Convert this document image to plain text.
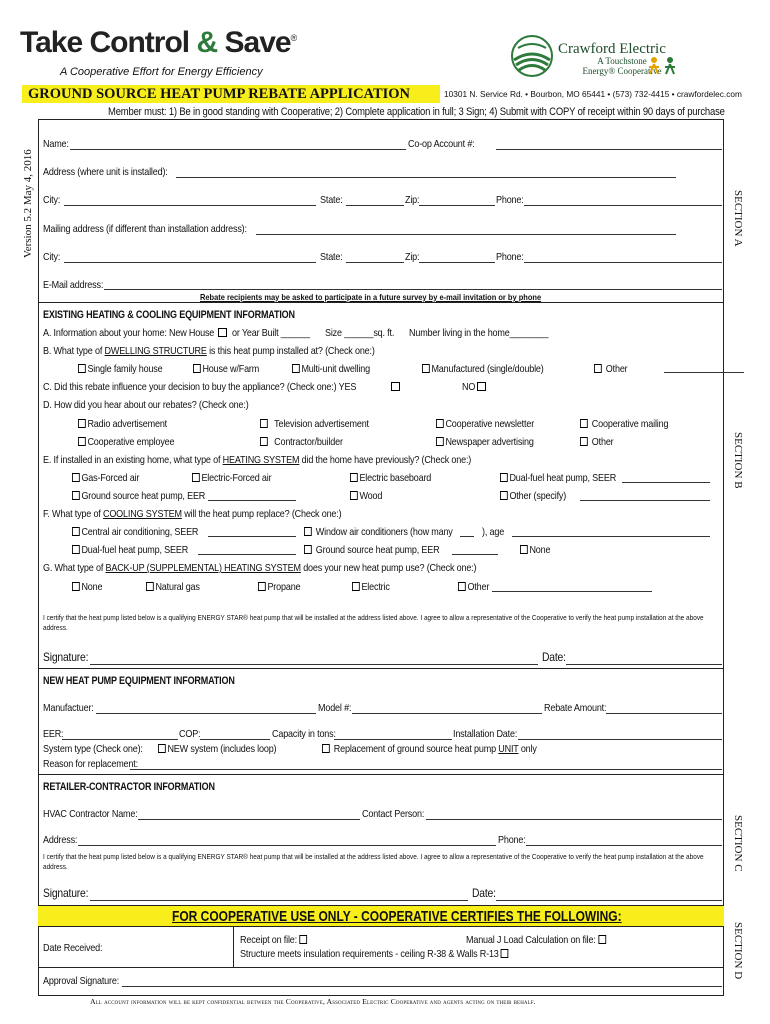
Take Control & Save®
A Cooperative Effort for Energy Efficiency
Crawford Electric
A Touchstone Energy® Cooperative
GROUND SOURCE HEAT PUMP REBATE APPLICATION	10301 N. Service Rd. • Bourbon, MO 65441 • (573) 732-4415 • crawfordelec.com
Member must: 1) Be in good standing with Cooperative; 2) Complete application in full; 3 Sign; 4) Submit with COPY of receipt within 90 days of purchase
Version 5.2 May 4, 2016	SECTION A
SECTION B
SECTION C
SECTION D
Name:	Co-op Account #:
Address (where unit is installed):
City:	State:	Zip:	Phone:
Mailing address (if different than installation address):
City:	State:	Zip:	Phone:
E-Mail address:
Rebate recipients may be asked to participate in a future survey by e-mail invitation or by phone
EXISTING HEATING & COOLING EQUIPMENT INFORMATION
A. Information about your home: New House or Year Built ______ Size ______sq. ft. Number living in the home________
B. What type of DWELLING STRUCTURE is this heat pump installed at? (Check one:)
Single family house	House w/Farm	Multi-unit dwelling	Manufactured (single/double)	Other
C. Did this rebate influence your decision to buy the appliance? (Check one:) YES	NO
D. How did you hear about our rebates? (Check one:)
Radio advertisement	Television advertisement	Cooperative newsletter	Cooperative mailing
Cooperative employee	Contractor/builder	Newspaper advertising	Other
E. If installed in an existing home, what type of HEATING SYSTEM did the home have previously? (Check one:)
Gas-Forced air	Electric-Forced air	Electric baseboard	Dual-fuel heat pump, SEER
Ground source heat pump, EER	Wood	Other (specify)
F. What type of COOLING SYSTEM will the heat pump replace? (Check one:)
Central air conditioning, SEER	Window air conditioners (how many	), age
Dual-fuel heat pump, SEER	Ground source heat pump, EER	None
G. What type of BACK-UP (SUPPLEMENTAL) HEATING SYSTEM does your new heat pump use? (Check one:)
None	Natural gas	Propane	Electric	Other
I certify that the heat pump listed below is a qualifying ENERGY STAR® heat pump that will be installed at the address listed above. I agree to allow a representative of the Cooperative to verify the heat pump installation at the above address.
Signature:	Date:
NEW HEAT PUMP EQUIPMENT INFORMATION
Manufactuer:	Model #:	Rebate Amount:
EER:	COP:	Capacity in tons:	Installation Date:
System type (Check one):	NEW system (includes loop)	Replacement of ground source heat pump UNIT only
Reason for replacement:
RETAILER-CONTRACTOR INFORMATION
HVAC Contractor Name:	Contact Person:
Address:	Phone:
I certify that the heat pump listed below is a qualifying ENERGY STAR® heat pump that will be installed at the address listed above. I agree to allow a representative of the Cooperative to verify the heat pump installation at the above address.
Signature:	Date:
FOR COOPERATIVE USE ONLY - COOPERATIVE CERTIFIES THE FOLLOWING:
Date Received:
Receipt on file:	Manual J Load Calculation on file:
Structure meets insulation requirements - ceiling R-38 & Walls R-13
Approval Signature:
All account information will be kept confidential between the Cooperative, Associated Electric Cooperative and agents acting on their behalf.
